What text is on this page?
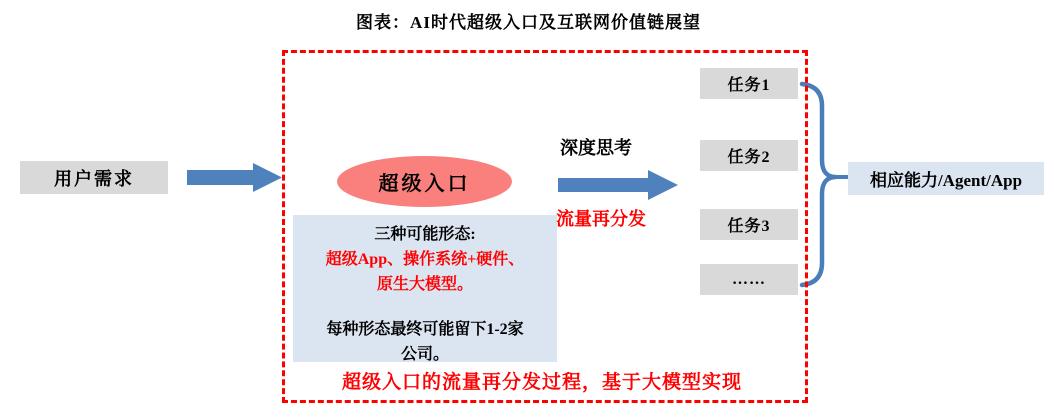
图表：AI时代超级入口及互联网价值链展望
用户需求	超级入口
三种可能形态:
超级App、操作系统+硬件、
原生大模型。
每种形态最终可能留下1-2家
公司。
深度思考
流量再分发
任务1
任务2
任务3
……
相应能力/Agent/App
超级入口的流量再分发过程，基于大模型实现
